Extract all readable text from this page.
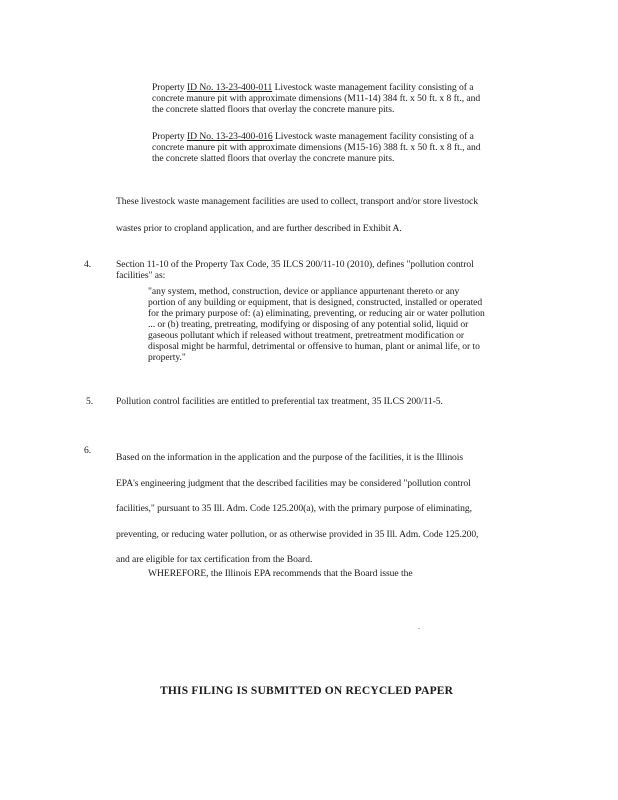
Property ID No. 13-23-400-011 Livestock waste management facility consisting of a
concrete manure pit with approximate dimensions (M11-14) 384 ft. x 50 ft. x 8 ft., and
the concrete slatted floors that overlay the concrete manure pits.
Property ID No. 13-23-400-016 Livestock waste management facility consisting of a
concrete manure pit with approximate dimensions (M15-16) 388 ft. x 50 ft. x 8 ft., and
the concrete slatted floors that overlay the concrete manure pits.
These livestock waste management facilities are used to collect, transport and/or store livestock
wastes prior to cropland application, and are further described in Exhibit A.
4.	Section 11-10 of the Property Tax Code, 35 ILCS 200/11-10 (2010), defines "pollution control
facilities" as:
"any system, method, construction, device or appliance appurtenant thereto or any
portion of any building or equipment, that is designed, constructed, installed or operated
for the primary purpose of: (a) eliminating, preventing, or reducing air or water pollution
... or (b) treating, pretreating, modifying or disposing of any potential solid, liquid or
gaseous pollutant which if released without treatment, pretreatment modification or
disposal might be harmful, detrimental or offensive to human, plant or animal life, or to
property."
5. Pollution control facilities are entitled to preferential tax treatment, 35 ILCS 200/11-5.
6.
Based on the information in the application and the purpose of the facilities, it is the Illinois
EPA's engineering judgment that the described facilities may be considered "pollution control
facilities," pursuant to 35 Ill. Adm. Code 125.200(a), with the primary purpose of eliminating,
preventing, or reducing water pollution, or as otherwise provided in 35 Ill. Adm. Code 125.200,
and are eligible for tax certification from the Board.
WHEREFORE, the Illinois EPA recommends that the Board issue the
.
THIS FILING IS SUBMITTED ON RECYCLED PAPER
